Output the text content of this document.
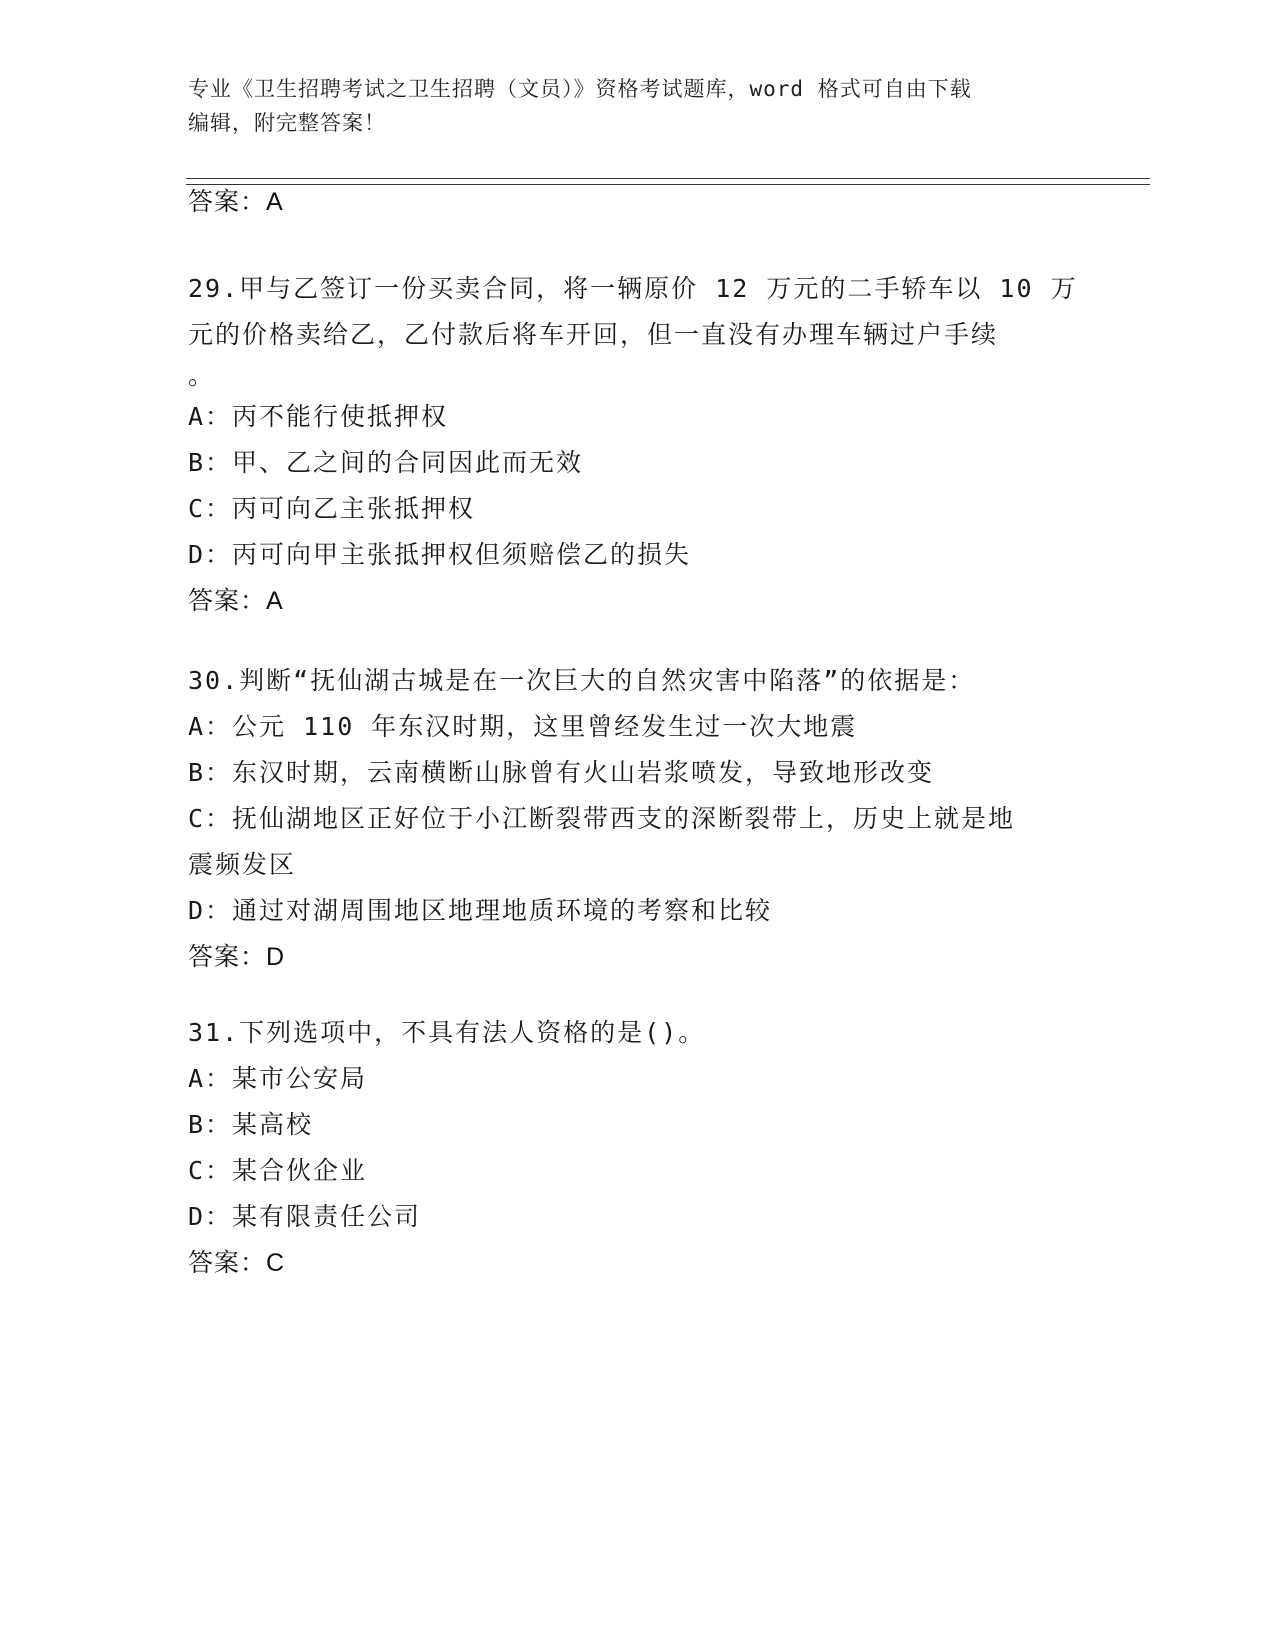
专业《卫生招聘考试之卫生招聘（文员）》资格考试题库，word 格式可自由下载
编辑，附完整答案！
答案：A
29.甲与乙签订一份买卖合同，将一辆原价 12 万元的二手轿车以 10 万
元的价格卖给乙，乙付款后将车开回，但一直没有办理车辆过户手续
。
A：丙不能行使抵押权
B：甲、乙之间的合同因此而无效
C：丙可向乙主张抵押权
D：丙可向甲主张抵押权但须赔偿乙的损失
答案：A
30.判断“抚仙湖古城是在一次巨大的自然灾害中陷落”的依据是：
A：公元 110 年东汉时期，这里曾经发生过一次大地震
B：东汉时期，云南横断山脉曾有火山岩浆喷发，导致地形改变
C：抚仙湖地区正好位于小江断裂带西支的深断裂带上，历史上就是地
震频发区
D：通过对湖周围地区地理地质环境的考察和比较
答案：D
31.下列选项中，不具有法人资格的是()。
A：某市公安局
B：某高校
C：某合伙企业
D：某有限责任公司
答案：C
